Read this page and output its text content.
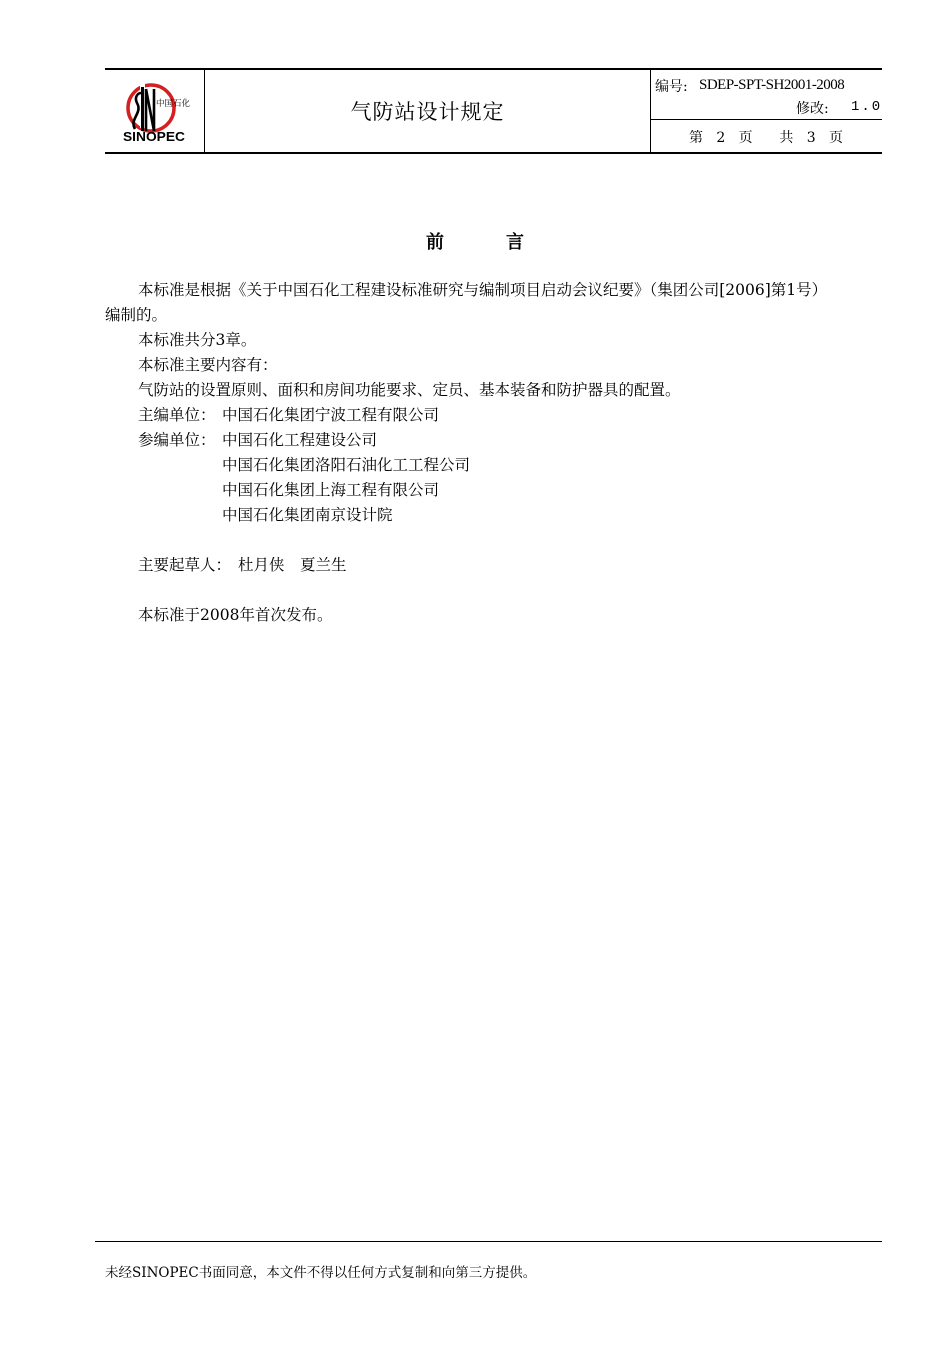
中国石化
SINOPEC
气防站设计规定
编号: SDEP-SPT-SH2001-2008
修改: 1.0
第 2 页 共 3 页
前	言
本标准是根据《关于中国石化工程建设标准研究与编制项目启动会议纪要》（集团公司[2006]第1号）
编制的。
本标准共分3章。
本标准主要内容有：
气防站的设置原则、面积和房间功能要求、定员、基本装备和防护器具的配置。
主编单位： 中国石化集团宁波工程有限公司
参编单位： 中国石化工程建设公司
中国石化集团洛阳石油化工工程公司
中国石化集团上海工程有限公司
中国石化集团南京设计院
主要起草人： 杜月侠　夏兰生
本标准于2008年首次发布。
未经SINOPEC书面同意，本文件不得以任何方式复制和向第三方提供。
